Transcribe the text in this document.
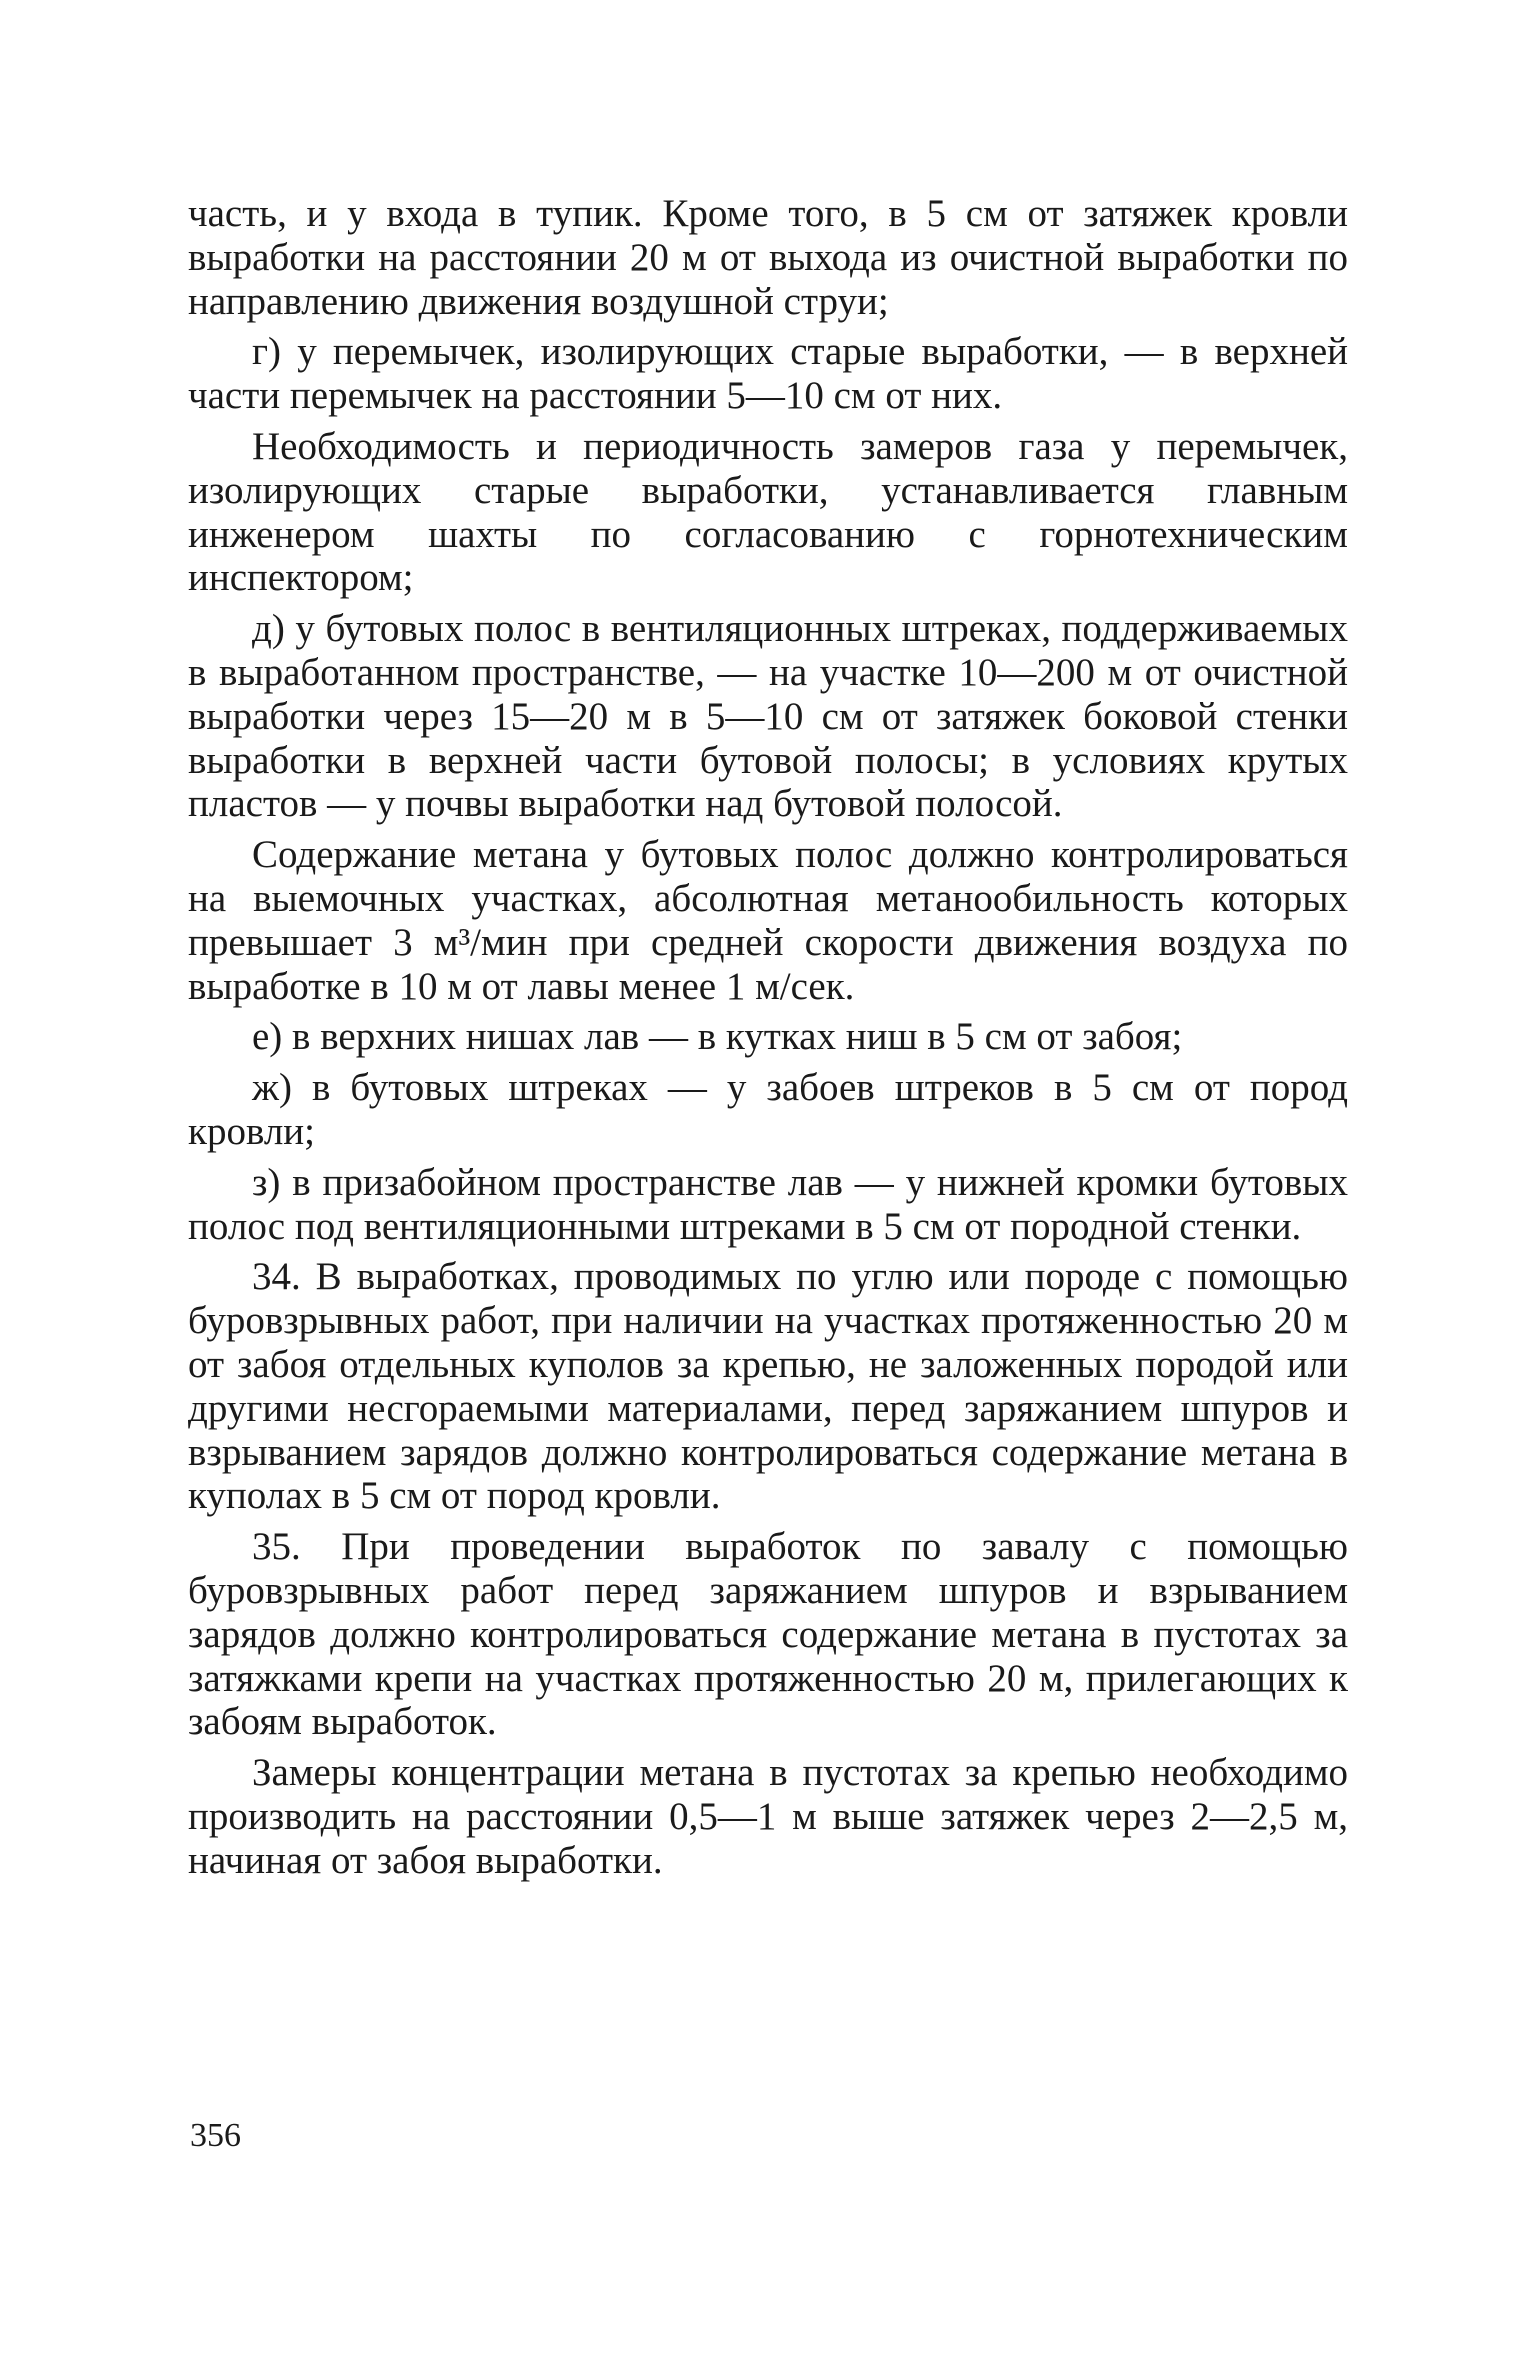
часть, и у входа в тупик. Кроме того, в 5 см от затяжек кровли выработки на расстоянии 20 м от выхода из очистной выработки по направлению движения воздушной струи;

г) у перемычек, изолирующих старые выработки, — в верхней части перемычек на расстоянии 5—10 см от них.

Необходимость и периодичность замеров газа у перемычек, изолирующих старые выработки, устанавливается главным инженером шахты по согласованию с горнотехническим инспектором;

д) у бутовых полос в вентиляционных штреках, поддерживаемых в выработанном пространстве, — на участке 10—200 м от очистной выработки через 15—20 м в 5—10 см от затяжек боковой стенки выработки в верхней части бутовой полосы; в условиях крутых пластов — у почвы выработки над бутовой полосой.

Содержание метана у бутовых полос должно контролироваться на выемочных участках, абсолютная метанообильность которых превышает 3 м³/мин при средней скорости движения воздуха по выработке в 10 м от лавы менее 1 м/сек.

е) в верхних нишах лав — в кутках ниш в 5 см от забоя;

ж) в бутовых штреках — у забоев штреков в 5 см от пород кровли;

з) в призабойном пространстве лав — у нижней кромки бутовых полос под вентиляционными штреками в 5 см от породной стенки.

34. В выработках, проводимых по углю или породе с помощью буровзрывных работ, при наличии на участках протяженностью 20 м от забоя отдельных куполов за крепью, не заложенных породой или другими несгораемыми материалами, перед заряжанием шпуров и взрыванием зарядов должно контролироваться содержание метана в куполах в 5 см от пород кровли.

35. При проведении выработок по завалу с помощью буровзрывных работ перед заряжанием шпуров и взрыванием зарядов должно контролироваться содержание метана в пустотах за затяжками крепи на участках протяженностью 20 м, прилегающих к забоям выработок.

Замеры концентрации метана в пустотах за крепью необходимо производить на расстоянии 0,5—1 м выше затяжек через 2—2,5 м, начиная от забоя выработки.

356
